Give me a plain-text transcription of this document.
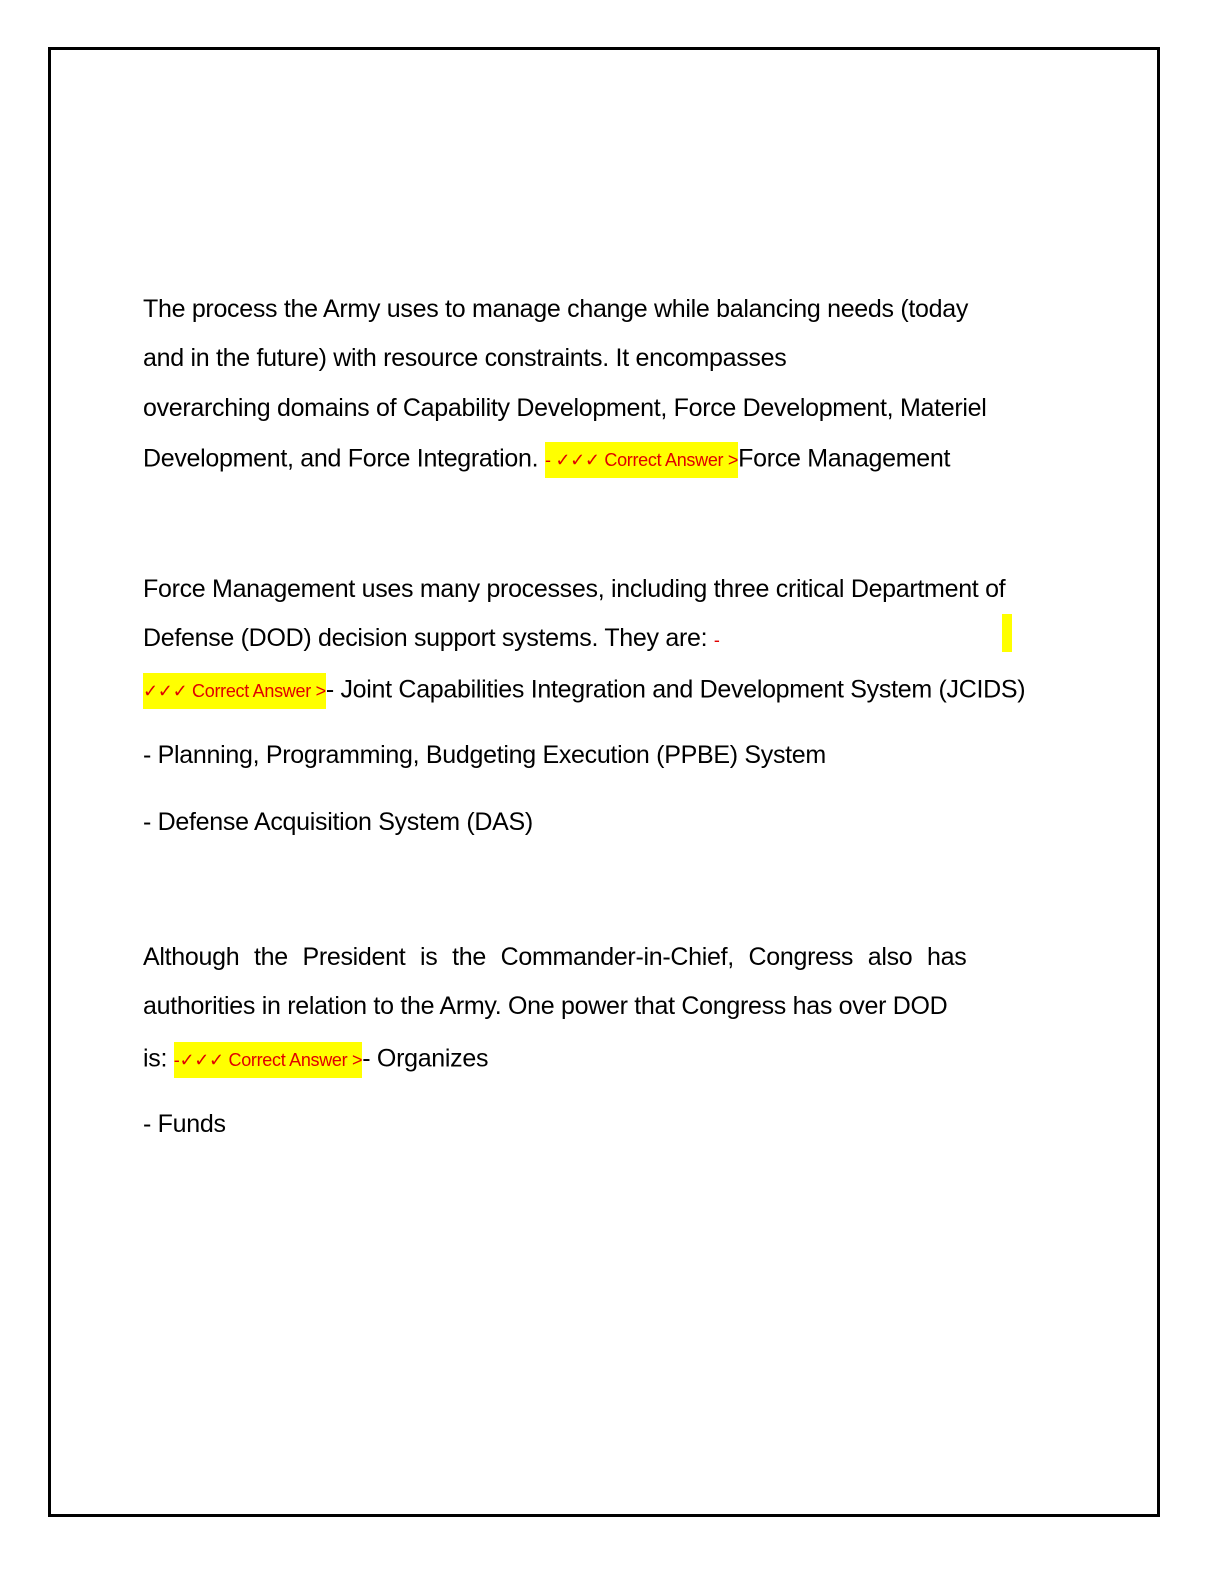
The process the Army uses to manage change while balancing needs (today
and in the future) with resource constraints. It encompasses
overarching domains of Capability Development, Force Development, Materiel
Development, and Force Integration. - ✓✓✓ Correct Answer >Force Management
Force Management uses many processes, including three critical Department of
Defense (DOD) decision support systems. They are: -
✓✓✓ Correct Answer >- Joint Capabilities Integration and Development System (JCIDS)
- Planning, Programming, Budgeting Execution (PPBE) System
- Defense Acquisition System (DAS)
Although the President is the Commander-in-Chief, Congress also has
authorities in relation to the Army. One power that Congress has over DOD
is: -✓✓✓ Correct Answer >- Organizes
- Funds
